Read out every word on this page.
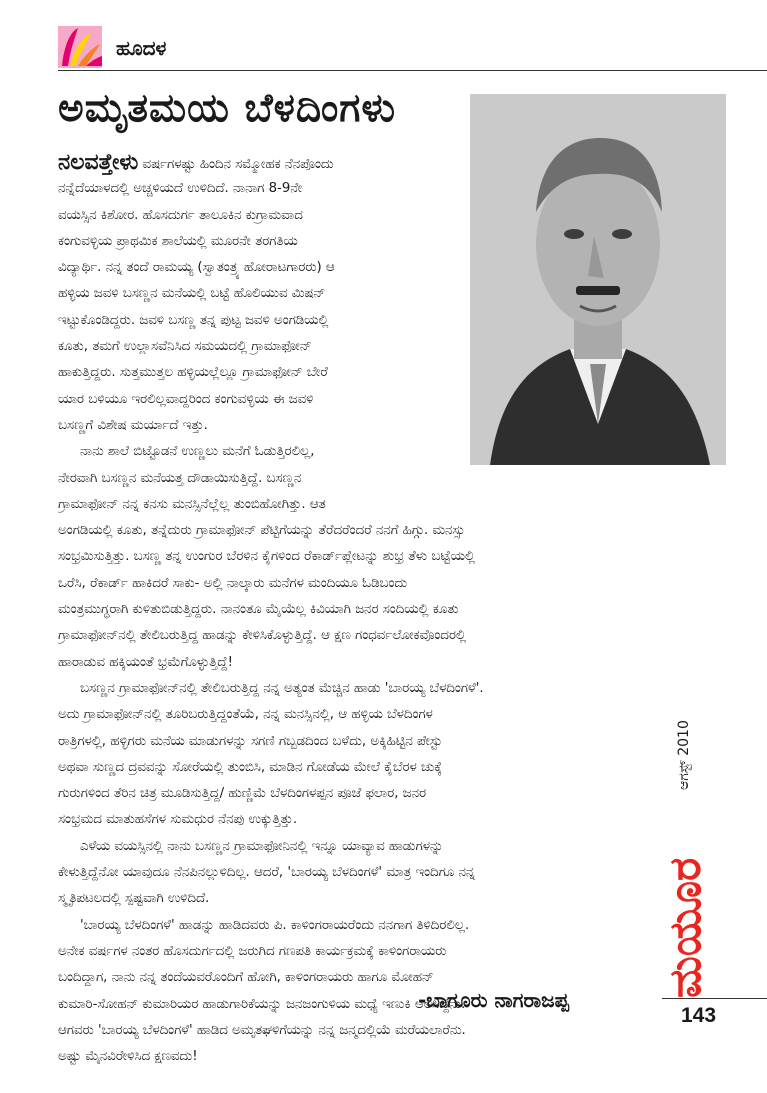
ಹೂದಳ
ಅಮೃತಮಯ ಬೆಳದಿಂಗಳು
ನಲವತ್ತೇಳು ವರ್ಷಗಳಷ್ಟು ಹಿಂದಿನ ಸಮ್ಮೋಹಕ ನೆನಪೊಂದು
ನನ್ನೆದೆಯಾಳದಲ್ಲಿ ಅಚ್ಚಳಿಯದೆ ಉಳಿದಿದೆ. ನಾನಾಗ 8-9ನೇ
ವಯಸ್ಸಿನ ಕಿಶೋರ. ಹೊಸದುರ್ಗ ತಾಲೂಕಿನ ಕುಗ್ರಾಮವಾದ
ಕಂಗುವಳ್ಳಿಯ ಪ್ರಾಥಮಿಕ ಶಾಲೆಯಲ್ಲಿ ಮೂರನೇ ತರಗತಿಯ
ವಿದ್ಯಾರ್ಥಿ. ನನ್ನ ತಂದೆ ರಾಮಯ್ಯ (ಸ್ವಾತಂತ್ರ್ಯ ಹೋರಾಟಗಾರರು) ಆ
ಹಳ್ಳಿಯ ಜವಳಿ ಬಸಣ್ಣನ ಮನೆಯಲ್ಲಿ ಬಟ್ಟೆ ಹೊಲಿಯುವ ಮಿಷನ್
ಇಟ್ಟುಕೊಂಡಿದ್ದರು. ಜವಳಿ ಬಸಣ್ಣ ತನ್ನ ಪುಟ್ಟ ಜವಳಿ ಅಂಗಡಿಯಲ್ಲಿ
ಕೂತು, ತಮಗೆ ಉಲ್ಲಾಸವೆನಿಸಿದ ಸಮಯದಲ್ಲಿ ಗ್ರಾಮಾಫೋನ್
ಹಾಕುತ್ತಿದ್ದರು. ಸುತ್ತಮುತ್ತಲ ಹಳ್ಳಿಯಲ್ಲೆಲ್ಲೂ ಗ್ರಾಮಾಫೋನ್ ಬೇರೆ
ಯಾರ ಬಳಿಯೂ ಇರಲಿಲ್ಲವಾದ್ದರಿಂದ ಕಂಗುವಳ್ಳಿಯ ಈ ಜವಳಿ
ಬಸಣ್ಣಗೆ ವಿಶೇಷ ಮರ್ಯಾದೆ ಇತ್ತು.
ನಾನು ಶಾಲೆ ಬಿಟ್ಟೊಡನೆ ಉಣ್ಣಲು ಮನೆಗೆ ಓಡುತ್ತಿರಲಿಲ್ಲ,
ನೇರವಾಗಿ ಬಸಣ್ಣನ ಮನೆಯತ್ತ ದೌಡಾಯಿಸುತ್ತಿದ್ದೆ. ಬಸಣ್ಣನ
ಗ್ರಾಮಾಫೋನ್ ನನ್ನ ಕನಸು ಮನಸ್ಸಿನೆಲ್ಲೆಲ್ಲ ತುಂಬಿಹೋಗಿತ್ತು. ಆತ
ಅಂಗಡಿಯಲ್ಲಿ ಕೂತು, ತನ್ನೆದುರು ಗ್ರಾಮಾಫೋನ್ ಪೆಟ್ಟಿಗೆಯನ್ನು ತೆರೆದರೆಂದರೆ ನನಗೆ ಹಿಗ್ಗು. ಮನಸ್ಸು
ಸಂಭ್ರಮಿಸುತ್ತಿತ್ತು. ಬಸಣ್ಣ ತನ್ನ ಉಂಗುರ ಬೆರಳಿನ ಕೈಗಳಿಂದ ರೆಕಾರ್ಡ್‌ಪ್ಲೇಟನ್ನು ಶುಭ್ರ ತೆಳು ಬಟ್ಟೆಯಲ್ಲಿ
ಒರೆಸಿ, ರೆಕಾರ್ಡ್ ಹಾಕಿದರೆ ಸಾಕು- ಅಲ್ಲಿ ನಾಲ್ಕಾರು ಮನೆಗಳ ಮಂದಿಯೂ ಓಡಿಬಂದು
ಮಂತ್ರಮುಗ್ಧರಾಗಿ ಕುಳಿತುಬಿಡುತ್ತಿದ್ದರು. ನಾನಂತೂ ಮೈಯೆಲ್ಲ ಕಿವಿಯಾಗಿ ಜನರ ಸಂದಿಯಲ್ಲಿ ಕೂತು
ಗ್ರಾಮಾಫೋನ್‌ನಲ್ಲಿ ತೇಲಿಬರುತ್ತಿದ್ದ ಹಾಡನ್ನು ಕೇಳಿಸಿಕೊಳ್ಳುತ್ತಿದ್ದೆ. ಆ ಕ್ಷಣ ಗಂಧರ್ವಲೋಕವೊಂದರಲ್ಲಿ
ಹಾರಾಡುವ ಹಕ್ಕಿಯಂತೆ ಭ್ರಮೆಗೊಳ್ಳುತ್ತಿದ್ದೆ!
ಬಸಣ್ಣನ ಗ್ರಾಮಾಫೋನ್‌ನಲ್ಲಿ ತೇಲಿಬರುತ್ತಿದ್ದ ನನ್ನ ಅತ್ಯಂತ ಮೆಚ್ಚಿನ ಹಾಡು 'ಬಾರಯ್ಯ ಬೆಳದಿಂಗಳೆ'.
ಅದು ಗ್ರಾಮಾಫೋನ್‌ನಲ್ಲಿ ತೂರಿಬರುತ್ತಿದ್ದಂತೆಯೆ, ನನ್ನ ಮನಸ್ಸಿನಲ್ಲಿ, ಆ ಹಳ್ಳಿಯ ಬೆಳದಿಂಗಳ
ರಾತ್ರಿಗಳಲ್ಲಿ, ಹಳ್ಳಿಗರು ಮನೆಯ ಮಾಡುಗಳನ್ನು ಸಗಣಿ ಗಬ್ಬಡದಿಂದ ಬಳೆದು, ಅಕ್ಕಿಹಿಟ್ಟಿನ ಪೇಸ್ಟು
ಅಥವಾ ಸುಣ್ಣದ ದ್ರವವನ್ನು ಸೋರೆಯಲ್ಲಿ ತುಂಬಿಸಿ, ಮಾಡಿನ ಗೋಡೆಯ ಮೇಲೆ ಕೈಬೆರಳ ಚುಕ್ಕೆ
ಗುರುಗಳಿಂದ ತೆರಿನ ಚಿತ್ರ ಮೂಡಿಸುತ್ತಿದ್ದ/ ಹುಣ್ಣಿಮೆ ಬೆಳದಿಂಗಳಪ್ಪನ ಪೂಜೆ ಫಲಾರ, ಜನರ
ಸಂಭ್ರಮದ ಮಾತುಹಸೆಗಳ ಸುಮಧುರ ನೆನಪು ಉಕ್ಕುತ್ತಿತ್ತು.
ಎಳೆಯ ವಯಸ್ಸಿನಲ್ಲಿ ನಾನು ಬಸಣ್ಣನ ಗ್ರಾಮಾಫೋನಿನಲ್ಲಿ ಇನ್ನೂ ಯಾವ್ಯಾವ ಹಾಡುಗಳನ್ನು
ಕೇಳುತ್ತಿದ್ದೆನೋ ಯಾವುದೂ ನೆನಪಿನಲ್ಲುಳಿದಿಲ್ಲ. ಆದರೆ, 'ಬಾರಯ್ಯ ಬೆಳದಿಂಗಳೆ' ಮಾತ್ರ ಇಂದಿಗೂ ನನ್ನ
ಸ್ಮೃತಿಪಟಲದಲ್ಲಿ ಸ್ಪಷ್ಟವಾಗಿ ಉಳಿದಿದೆ.
'ಬಾರಯ್ಯ ಬೆಳದಿಂಗಳೆ' ಹಾಡನ್ನು ಹಾಡಿದವರು ಪಿ. ಕಾಳಿಂಗರಾಯರೆಂದು ನನಗಾಗ ತಿಳಿದಿರಲಿಲ್ಲ.
ಅನೇಕ ವರ್ಷಗಳ ನಂತರ ಹೊಸದುರ್ಗದಲ್ಲಿ ಜರುಗಿದ ಗಣಪತಿ ಕಾರ್ಯಕ್ರಮಕ್ಕೆ ಕಾಳಿಂಗರಾಯರು
ಬಂದಿದ್ದಾಗ, ನಾನು ನನ್ನ ತಂದೆಯವರೊಂದಿಗೆ ಹೋಗಿ, ಕಾಳಿಂಗರಾಯರು ಹಾಗೂ ಮೋಹನ್
ಕುಮಾರಿ-ಸೋಹನ್ ಕುಮಾರಿಯರ ಹಾಡುಗಾರಿಕೆಯನ್ನು ಜನಜಂಗುಳಿಯ ಮಧ್ಯೆ ಇಣುಕಿ ಆಲಿಸಿದ್ದೆನು.
ಆಗವರು 'ಬಾರಯ್ಯ ಬೆಳದಿಂಗಳೆ' ಹಾಡಿದ ಅಮೃತಘಳಿಗೆಯನ್ನು ನನ್ನ ಜನ್ಮದಲ್ಲಿಯೆ ಮರೆಯಲಾರೆನು.
ಅಷ್ಟು ಮೈನವಿರೇಳಿಸಿದ ಕ್ಷಣವದು!
-ಬಾಗೂರು ನಾಗರಾಜಪ್ಪ
ಆಗಸ್ಟ್ 2010
ಮಯೂರ
143
